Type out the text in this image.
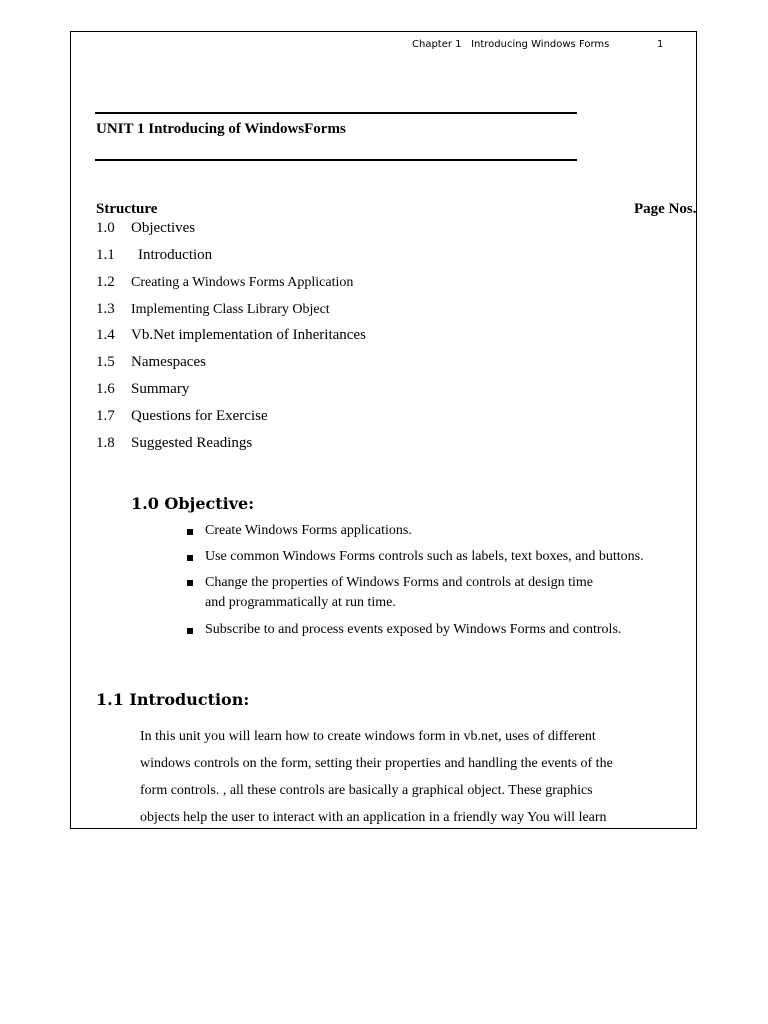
Chapter 1 Introducing Windows Forms	1
UNIT 1 Introducing of WindowsForms
Structure	Page Nos.
1.0 Objectives
1.1 Introduction
1.2 Creating a Windows Forms Application
1.3 Implementing Class Library Object
1.4 Vb.Net implementation of Inheritances
1.5 Namespaces
1.6 Summary
1.7 Questions for Exercise
1.8 Suggested Readings
1.0 Objective:
Create Windows Forms applications.
Use common Windows Forms controls such as labels, text boxes, and buttons.
Change the properties of Windows Forms and controls at design time and programmatically at run time.
Subscribe to and process events exposed by Windows Forms and controls.
1.1 Introduction:
In this unit you will learn how to create windows form in vb.net, uses of different
windows controls on the form, setting their properties and handling the events of the
form controls. , all these controls are basically a graphical object. These graphics
objects help the user to interact with an application in a friendly way You will learn
